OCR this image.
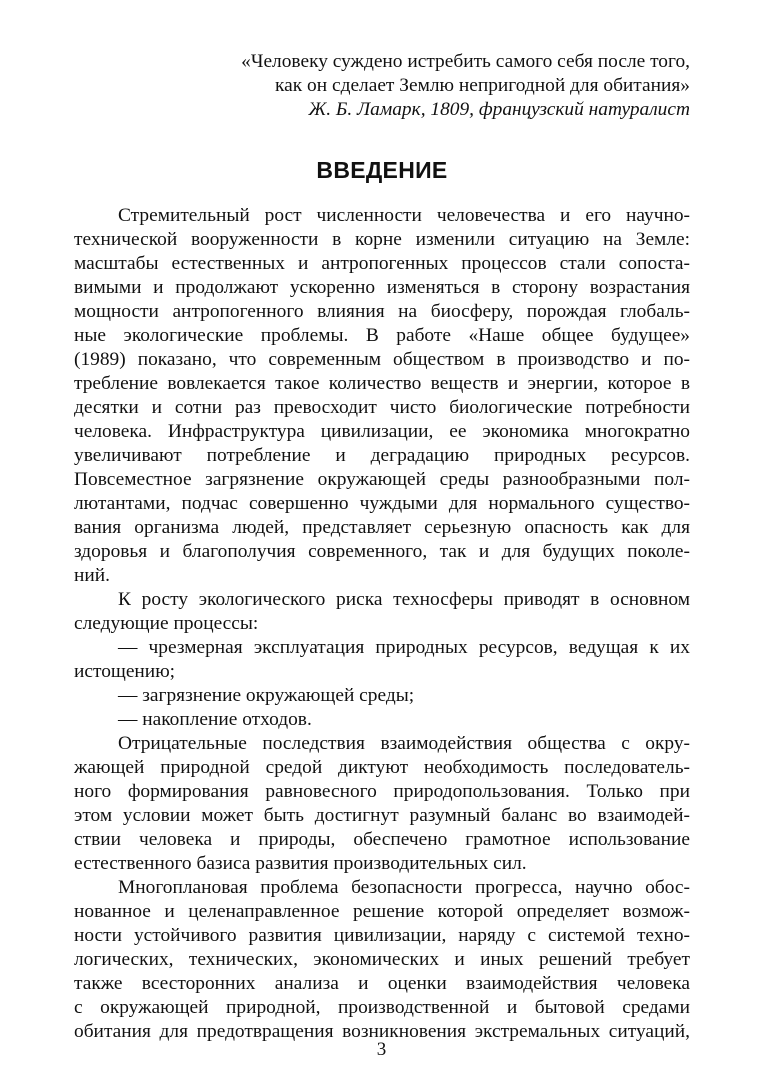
«Человеку суждено истребить самого себя после того,
как он сделает Землю непригодной для обитания»
Ж. Б. Ламарк, 1809, французский натуралист
ВВЕДЕНИЕ

Стремительный рост численности человечества и его научно-
технической вооруженности в корне изменили ситуацию на Земле:
масштабы естественных и антропогенных процессов стали сопоста-
вимыми и продолжают ускоренно изменяться в сторону возрастания
мощности антропогенного влияния на биосферу, порождая глобаль-
ные экологические проблемы. В работе «Наше общее будущее»
(1989) показано, что современным обществом в производство и по-
требление вовлекается такое количество веществ и энергии, которое в
десятки и сотни раз превосходит чисто биологические потребности
человека. Инфраструктура цивилизации, ее экономика многократно
увеличивают потребление и деградацию природных ресурсов.
Повсеместное загрязнение окружающей среды разнообразными пол-
лютантами, подчас совершенно чуждыми для нормального существо-
вания организма людей, представляет серьезную опасность как для
здоровья и благополучия современного, так и для будущих поколе-
ний.

К росту экологического риска техносферы приводят в основном
следующие процессы:

— чрезмерная эксплуатация природных ресурсов, ведущая к их
истощению;

— загрязнение окружающей среды;

— накопление отходов.

Отрицательные последствия взаимодействия общества с окру-
жающей природной средой диктуют необходимость последователь-
ного формирования равновесного природопользования. Только при
этом условии может быть достигнут разумный баланс во взаимодей-
ствии человека и природы, обеспечено грамотное использование
естественного базиса развития производительных сил.

Многоплановая проблема безопасности прогресса, научно обос-
нованное и целенаправленное решение которой определяет возмож-
ности устойчивого развития цивилизации, наряду с системой техно-
логических, технических, экономических и иных решений требует
также всесторонних анализа и оценки взаимодействия человека
с окружающей природной, производственной и бытовой средами
обитания для предотвращения возникновения экстремальных ситуаций,

3
